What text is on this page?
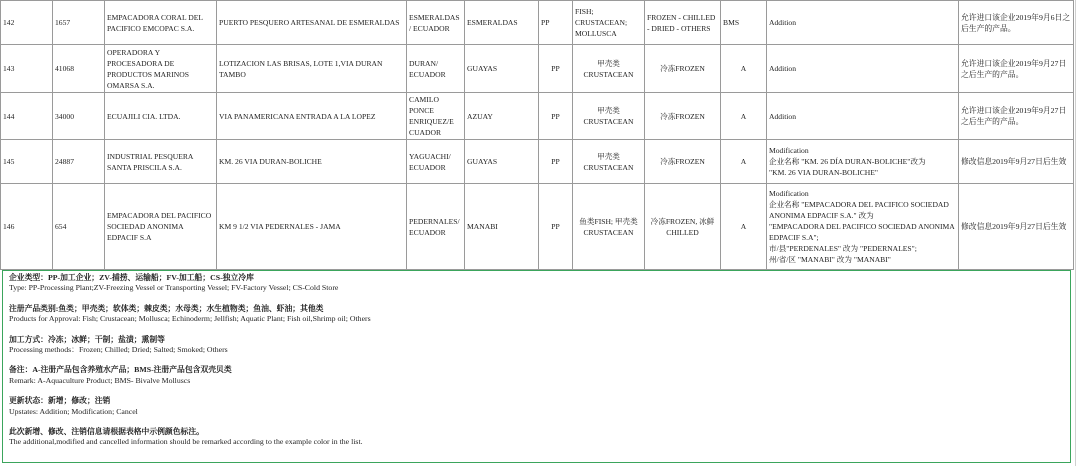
142	1657	EMPACADORA CORAL DEL PACIFICO EMCOPAC S.A.	PUERTO PESQUERO ARTESANAL DE ESMERALDAS	ESMERALDAS / ECUADOR	ESMERALDAS	PP	FISH; CRUSTACEAN; MOLLUSCA	FROZEN - CHILLED - DRIED - OTHERS	BMS	Addition	允许进口该企业2019年9月6日之后生产的产品。
143	41068	OPERADORA Y PROCESADORA DE PRODUCTOS MARINOS OMARSA S.A.	LOTIZACION LAS BRISAS, LOTE 1,VIA DURAN TAMBO	DURAN/ ECUADOR	GUAYAS	PP	甲壳类 CRUSTACEAN	冷冻FROZEN	A	Addition	允许进口该企业2019年9月27日之后生产的产品。
144	34000	ECUAJILI CIA. LTDA.	VIA PANAMERICANA ENTRADA A LA LOPEZ	CAMILO PONCE ENRIQUEZ/E CUADOR	AZUAY	PP	甲壳类 CRUSTACEAN	冷冻FROZEN	A	Addition	允许进口该企业2019年9月27日之后生产的产品。
145	24887	INDUSTRIAL PESQUERA SANTA PRISCILA S.A.	KM. 26 VIA DURAN-BOLICHE	YAGUACHI/ ECUADOR	GUAYAS	PP	甲壳类 CRUSTACEAN	冷冻FROZEN	A	Modification
企业名称 "KM. 26 DÍA DURAN-BOLICHE"改为
"KM. 26 VIA DURAN-BOLICHE"	修改信息2019年9月27日后生效
146	654	EMPACADORA DEL PACIFICO SOCIEDAD ANONIMA EDPACIF S.A	KM 9 1/2 VIA PEDERNALES - JAMA	PEDERNALES/ ECUADOR	MANABI	PP	鱼类FISH; 甲壳类 CRUSTACEAN	冷冻FROZEN, 冰鲜 CHILLED	A	Modification
企业名称 "EMPACADORA DEL PACIFICO SOCIEDAD ANONIMA EDPACIF S.A." 改为
"EMPACADORA DEL PACIFICO SOCIEDAD ANONIMA EDPACIF S.A";
市/县"PERDENALES" 改为 "PEDERNALES";
州/省/区 "MANABI" 改为 "MANABI"	修改信息2019年9月27日后生效
企业类型：PP-加工企业；ZV-捕捞、运输船；FV-加工船；CS-独立冷库
Type: PP-Processing Plant;ZV-Freezing Vessel or Transporting Vessel; FV-Factory Vessel; CS-Cold Store
注册产品类别:鱼类；甲壳类；软体类；棘皮类；水母类；水生植物类；鱼油、虾油；其他类
Products for Approval: Fish; Crustacean; Mollusca; Echinoderm; Jellfish; Aquatic Plant; Fish oil,Shrimp oil; Others
加工方式：冷冻；冰鲜；干制；盐渍；熏制等
Processing methods：Frozen; Chilled; Dried; Salted; Smoked; Others
备注：A-注册产品包含养殖水产品；BMS-注册产品包含双壳贝类
Remark: A-Aquaculture Product; BMS- Bivalve Molluscs
更新状态：新增；修改；注销
Upstates: Addition; Modification; Cancel
此次新增、修改、注销信息请根据表格中示例颜色标注。
The additional,modified and cancelled information should be remarked according to the example color in the list.
